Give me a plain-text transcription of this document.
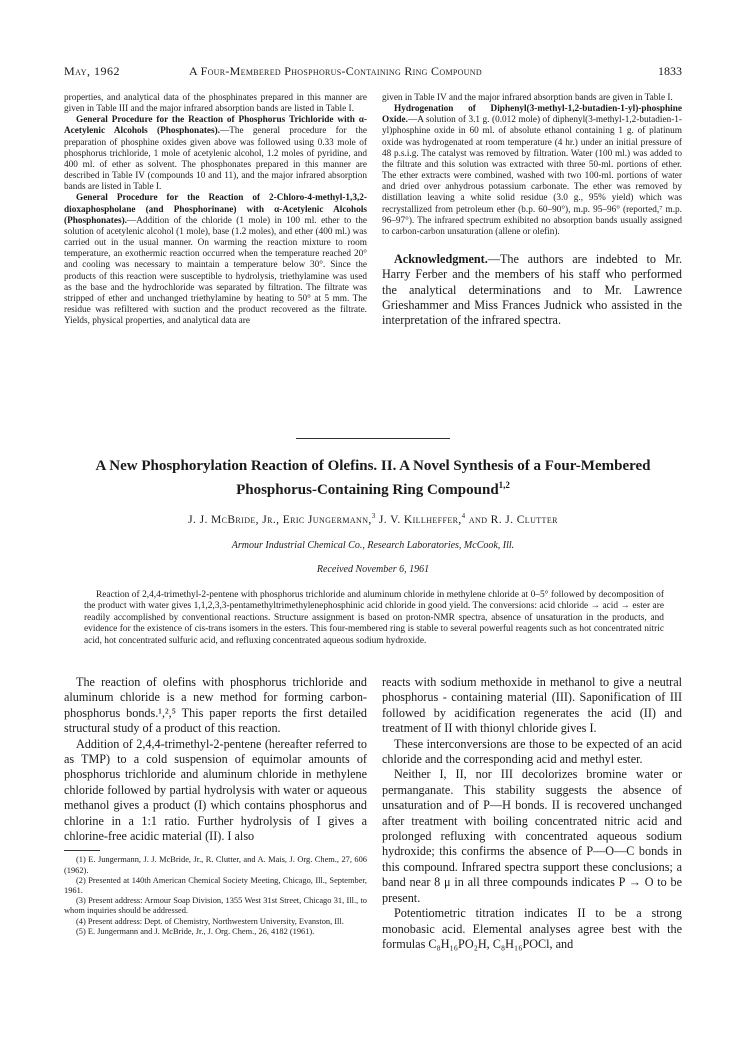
May, 1962	A Four-Membered Phosphorus-Containing Ring Compound	1833

properties, and analytical data of the phosphinates prepared in this manner are given in Table III and the major infrared absorption bands are listed in Table I.

General Procedure for the Reaction of Phosphorus Trichloride with α-Acetylenic Alcohols (Phosphonates).—The general procedure for the preparation of phosphine oxides given above was followed using 0.33 mole of phosphorus trichloride, 1 mole of acetylenic alcohol, 1.2 moles of pyridine, and 400 ml. of ether as solvent. The phosphonates prepared in this manner are described in Table IV (compounds 10 and 11), and the major infrared absorption bands are listed in Table I.

General Procedure for the Reaction of 2-Chloro-4-methyl-1,3,2-dioxaphospholane (and Phosphorinane) with α-Acetylenic Alcohols (Phosphonates).—Addition of the chloride (1 mole) in 100 ml. ether to the solution of acetylenic alcohol (1 mole), base (1.2 moles), and ether (400 ml.) was carried out in the usual manner. On warming the reaction mixture to room temperature, an exothermic reaction occurred when the temperature reached 20° and cooling was necessary to maintain a temperature below 30°. Since the products of this reaction were susceptible to hydrolysis, triethylamine was used as the base and the hydrochloride was separated by filtration. The filtrate was stripped of ether and unchanged triethylamine by heating to 50° at 5 mm. The residue was refiltered with suction and the product recovered as the filtrate. Yields, physical properties, and analytical data are

given in Table IV and the major infrared absorption bands are given in Table I.

Hydrogenation of Diphenyl(3-methyl-1,2-butadien-1-yl)-phosphine Oxide.—A solution of 3.1 g. (0.012 mole) of diphenyl(3-methyl-1,2-butadien-1-yl)phosphine oxide in 60 ml. of absolute ethanol containing 1 g. of platinum oxide was hydrogenated at room temperature (4 hr.) under an initial pressure of 48 p.s.i.g. The catalyst was removed by filtration. Water (100 ml.) was added to the filtrate and this solution was extracted with three 50-ml. portions of ether. The ether extracts were combined, washed with two 100-ml. portions of water and dried over anhydrous potassium carbonate. The ether was removed by distillation leaving a white solid residue (3.0 g., 95% yield) which was recrystallized from petroleum ether (b.p. 60–90°), m.p. 95–96° (reported,⁷ m.p. 96–97°). The infrared spectrum exhibited no absorption bands usually assigned to carbon-carbon unsaturation (allene or olefin).

Acknowledgment.—The authors are indebted to Mr. Harry Ferber and the members of his staff who performed the analytical determinations and to Mr. Lawrence Grieshammer and Miss Frances Judnick who assisted in the interpretation of the infrared spectra.

A New Phosphorylation Reaction of Olefins. II. A Novel Synthesis of a Four-Membered Phosphorus-Containing Ring Compound$^{1,2}$
J. J. McBride, Jr., Eric Jungermann,$^3$ J. V. Killheffer,$^4$ and R. J. Clutter
Armour Industrial Chemical Co., Research Laboratories, McCook, Ill.
Received November 6, 1961

Reaction of 2,4,4-trimethyl-2-pentene with phosphorus trichloride and aluminum chloride in methylene chloride at 0–5° followed by decomposition of the product with water gives 1,1,2,3,3-pentamethyltrimethylenephosphinic acid chloride in good yield. The conversions: acid chloride → acid → ester are readily accomplished by conventional reactions. Structure assignment is based on proton-NMR spectra, absence of unsaturation in the products, and evidence for the existence of cis-trans isomers in the esters. This four-membered ring is stable to several powerful reagents such as hot concentrated nitric acid, hot concentrated sulfuric acid, and refluxing concentrated aqueous sodium hydroxide.

The reaction of olefins with phosphorus trichloride and aluminum chloride is a new method for forming carbon-phosphorus bonds.¹,²,⁵ This paper reports the first detailed structural study of a product of this reaction.

Addition of 2,4,4-trimethyl-2-pentene (hereafter referred to as TMP) to a cold suspension of equimolar amounts of phosphorus trichloride and aluminum chloride in methylene chloride followed by partial hydrolysis with water or aqueous methanol gives a product (I) which contains phosphorus and chlorine in a 1:1 ratio. Further hydrolysis of I gives a chlorine-free acidic material (II). I also

(1) E. Jungermann, J. J. McBride, Jr., R. Clutter, and A. Mais, J. Org. Chem., 27, 606 (1962).

(2) Presented at 140th American Chemical Society Meeting, Chicago, Ill., September, 1961.

(3) Present address: Armour Soap Division, 1355 West 31st Street, Chicago 31, Ill., to whom inquiries should be addressed.

(4) Present address: Dept. of Chemistry, Northwestern University, Evanston, Ill.

(5) E. Jungermann and J. McBride, Jr., J. Org. Chem., 26, 4182 (1961).

reacts with sodium methoxide in methanol to give a neutral phosphorus - containing material (III). Saponification of III followed by acidification regenerates the acid (II) and treatment of II with thionyl chloride gives I.

These interconversions are those to be expected of an acid chloride and the corresponding acid and methyl ester.

Neither I, II, nor III decolorizes bromine water or permanganate. This stability suggests the absence of unsaturation and of P—H bonds. II is recovered unchanged after treatment with boiling concentrated nitric acid and prolonged refluxing with concentrated aqueous sodium hydroxide; this confirms the absence of P—O—C bonds in this compound. Infrared spectra support these conclusions; a band near 8 μ in all three compounds indicates P → O to be present.

Potentiometric titration indicates II to be a strong monobasic acid. Elemental analyses agree best with the formulas C₈H₁₆PO₂H, C₈H₁₆POCl, and
